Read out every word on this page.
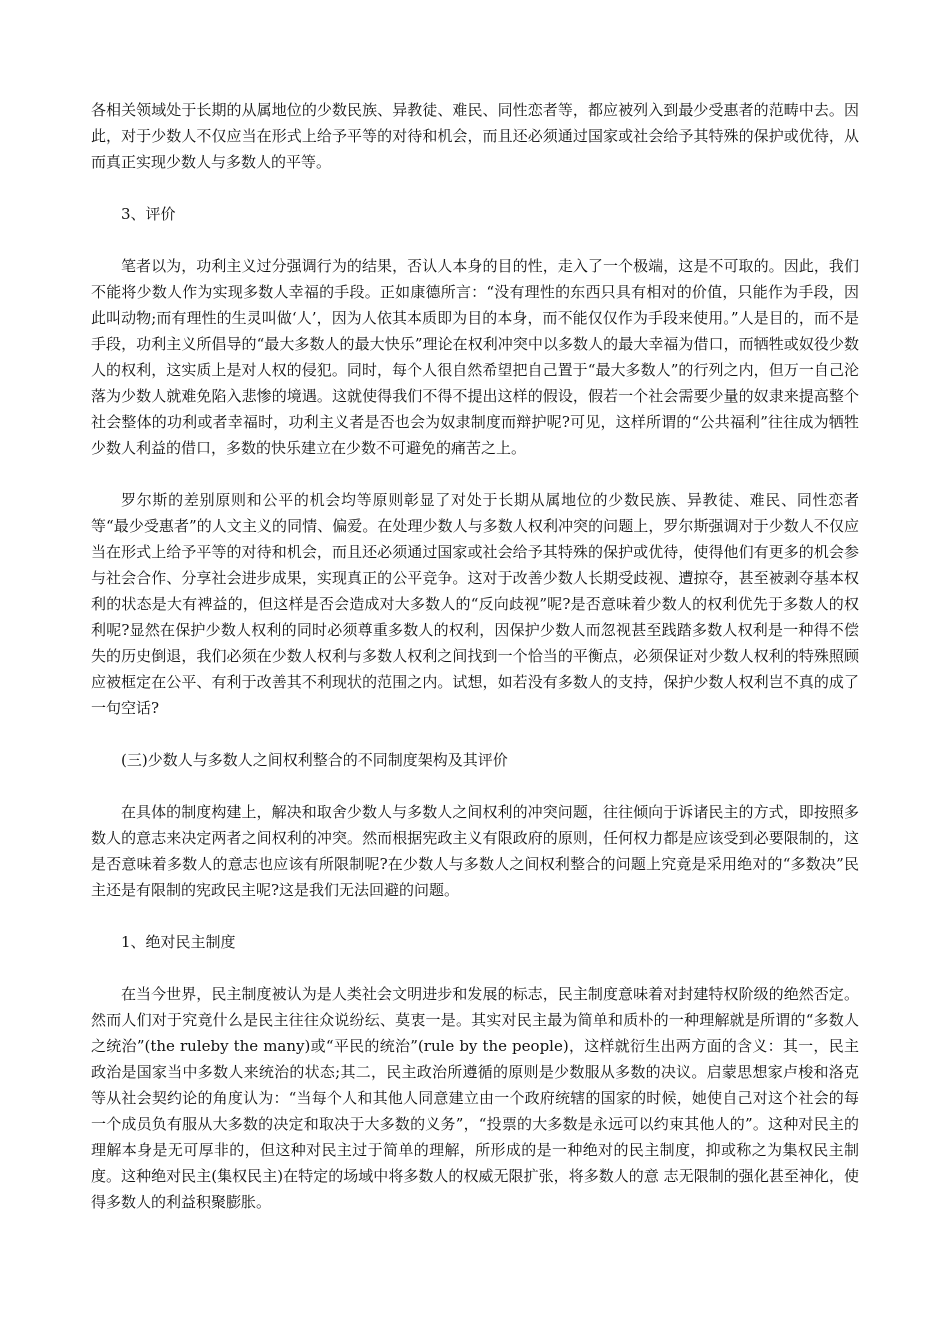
各相关领域处于长期的从属地位的少数民族、异教徒、难民、同性恋者等，都应被列入到最少受惠者的范畴中去。因此，对于少数人不仅应当在形式上给予平等的对待和机会，而且还必须通过国家或社会给予其特殊的保护或优待，从而真正实现少数人与多数人的平等。

3、评价

笔者以为，功利主义过分强调行为的结果，否认人本身的目的性，走入了一个极端，这是不可取的。因此，我们不能将少数人作为实现多数人幸福的手段。正如康德所言：“没有理性的东西只具有相对的价值，只能作为手段，因此叫动物;而有理性的生灵叫做‘人’，因为人依其本质即为目的本身，而不能仅仅作为手段来使用。”人是目的，而不是手段，功利主义所倡导的“最大多数人的最大快乐”理论在权利冲突中以多数人的最大幸福为借口，而牺牲或奴役少数人的权利，这实质上是对人权的侵犯。同时，每个人很自然希望把自己置于“最大多数人”的行列之内，但万一自己沦落为少数人就难免陷入悲惨的境遇。这就使得我们不得不提出这样的假设，假若一个社会需要少量的奴隶来提高整个社会整体的功利或者幸福时，功利主义者是否也会为奴隶制度而辩护呢?可见，这样所谓的“公共福利”往往成为牺牲少数人利益的借口，多数的快乐建立在少数不可避免的痛苦之上。

罗尔斯的差别原则和公平的机会均等原则彰显了对处于长期从属地位的少数民族、异教徒、难民、同性恋者等“最少受惠者”的人文主义的同情、偏爱。在处理少数人与多数人权利冲突的问题上，罗尔斯强调对于少数人不仅应当在形式上给予平等的对待和机会，而且还必须通过国家或社会给予其特殊的保护或优待，使得他们有更多的机会参与社会合作、分享社会进步成果，实现真正的公平竞争。这对于改善少数人长期受歧视、遭掠夺，甚至被剥夺基本权利的状态是大有裨益的，但这样是否会造成对大多数人的“反向歧视”呢?是否意味着少数人的权利优先于多数人的权利呢?显然在保护少数人权利的同时必须尊重多数人的权利，因保护少数人而忽视甚至践踏多数人权利是一种得不偿失的历史倒退，我们必须在少数人权利与多数人权利之间找到一个恰当的平衡点，必须保证对少数人权利的特殊照顾应被框定在公平、有利于改善其不利现状的范围之内。试想，如若没有多数人的支持，保护少数人权利岂不真的成了一句空话?

(三)少数人与多数人之间权利整合的不同制度架构及其评价

在具体的制度构建上，解决和取舍少数人与多数人之间权利的冲突问题，往往倾向于诉诸民主的方式，即按照多数人的意志来决定两者之间权利的冲突。然而根据宪政主义有限政府的原则，任何权力都是应该受到必要限制的，这是否意味着多数人的意志也应该有所限制呢?在少数人与多数人之间权利整合的问题上究竟是采用绝对的“多数决”民主还是有限制的宪政民主呢?这是我们无法回避的问题。

1、绝对民主制度

在当今世界，民主制度被认为是人类社会文明进步和发展的标志，民主制度意味着对封建特权阶级的绝然否定。然而人们对于究竟什么是民主往往众说纷纭、莫衷一是。其实对民主最为简单和质朴的一种理解就是所谓的“多数人之统治”(the ruleby the many)或“平民的统治”(rule by the people)，这样就衍生出两方面的含义：其一，民主政治是国家当中多数人来统治的状态;其二，民主政治所遵循的原则是少数服从多数的决议。启蒙思想家卢梭和洛克等从社会契约论的角度认为：“当每个人和其他人同意建立由一个政府统辖的国家的时候，她使自己对这个社会的每一个成员负有服从大多数的决定和取决于大多数的义务”，“投票的大多数是永远可以约束其他人的”。这种对民主的理解本身是无可厚非的，但这种对民主过于简单的理解，所形成的是一种绝对的民主制度，抑或称之为集权民主制度。这种绝对民主(集权民主)在特定的场域中将多数人的权威无限扩张，将多数人的意 志无限制的强化甚至神化，使得多数人的利益积聚膨胀。
